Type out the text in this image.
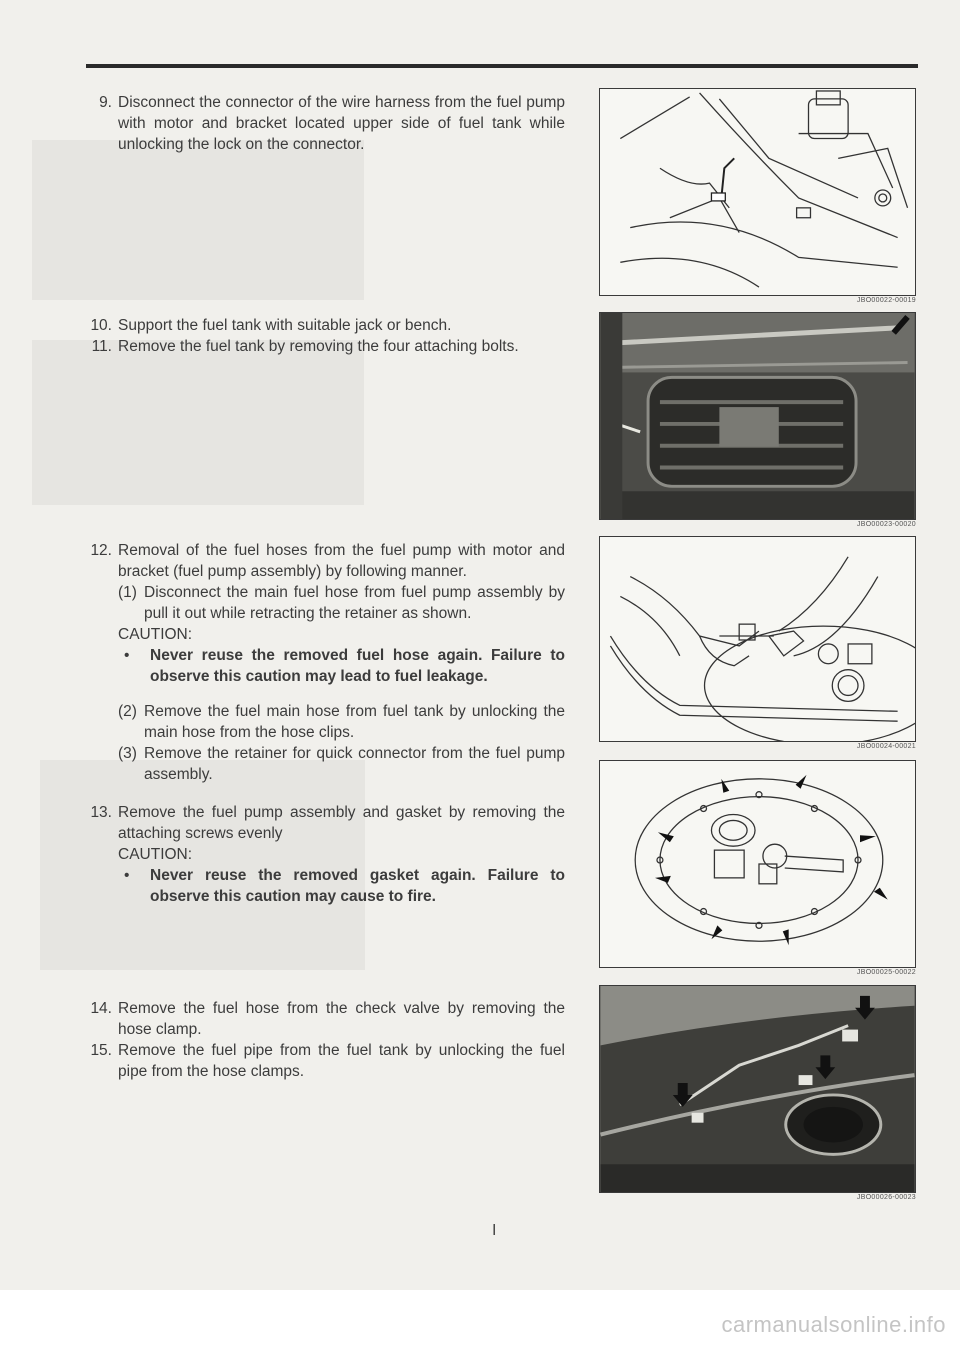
9. Disconnect the connector of the wire harness from the fuel pump with motor and bracket located upper side of fuel tank while unlocking the lock on the connector.
10. Support the fuel tank with suitable jack or bench.
11. Remove the fuel tank by removing the four attaching bolts.
12. Removal of the fuel hoses from the fuel pump with motor and bracket (fuel pump assembly) by following manner.
(1) Disconnect the main fuel hose from fuel pump assembly by pull it out while retracting the retainer as shown.
CAUTION:
•	Never reuse the removed fuel hose again. Failure to observe this caution may lead to fuel leakage.
(2) Remove the fuel main hose from fuel tank by unlocking the main hose from the hose clips.
(3) Remove the retainer for quick connector from the fuel pump assembly.
13. Remove the fuel pump assembly and gasket by removing the attaching screws evenly
CAUTION:
•	Never reuse the removed gasket again. Failure to observe this caution may cause to fire.
14. Remove the fuel hose from the check valve by removing the hose clamp.
15. Remove the fuel pipe from the fuel tank by unlocking the fuel pipe from the hose clamps.
JBO00022-00019
JBO00023-00020
JBO00024-00021
JBO00025-00022
JBO00026-00023
I
carmanualsonline.info
